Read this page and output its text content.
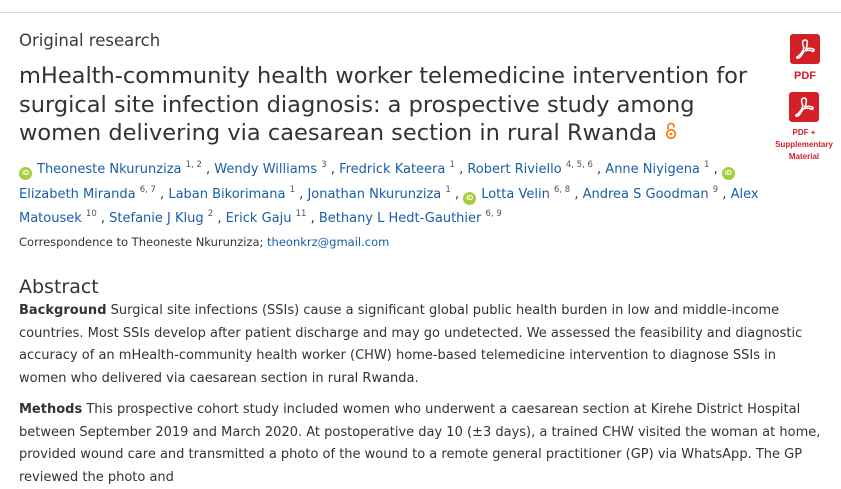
Original research
mHealth-community health worker telemedicine intervention for surgical site infection diagnosis: a prospective study among women delivering via caesarean section in rural Rwanda
iD Theoneste Nkurunziza $^{1, 2}$ , Wendy Williams $^3$ , Fredrick Kateera $^1$ , Robert Riviello $^{4, 5, 6}$ , Anne Niyigena $^1$ , iDElizabeth Miranda $^{6, 7}$ , Laban Bikorimana $^1$ , Jonathan Nkurunziza $^1$ , iD Lotta Velin $^{6, 8}$ , Andrea S Goodman $^9$ , Alex Matousek $^{10}$ , Stefanie J Klug $^2$ , Erick Gaju $^{11}$ , Bethany L Hedt-Gauthier $^{6, 9}$
Correspondence to Theoneste Nkurunziza; theonkrz@gmail.com
Abstract

Background Surgical site infections (SSIs) cause a significant global public health burden in low and middle-income countries. Most SSIs develop after patient discharge and may go undetected. We assessed the feasibility and diagnostic accuracy of an mHealth-community health worker (CHW) home-based telemedicine intervention to diagnose SSIs in women who delivered via caesarean section in rural Rwanda.

Methods This prospective cohort study included women who underwent a caesarean section at Kirehe District Hospital between September 2019 and March 2020. At postoperative day 10 (±3 days), a trained CHW visited the woman at home, provided wound care and transmitted a photo of the wound to a remote general practitioner (GP) via WhatsApp. The GP reviewed the photo and

PDF
PDF +
Supplementary
Material
